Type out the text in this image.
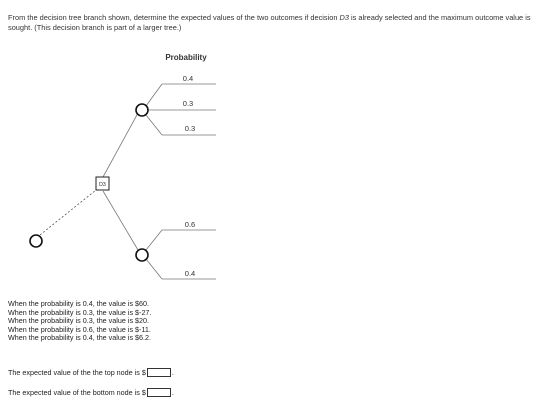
From the decision tree branch shown, determine the expected values of the two outcomes if decision D3 is already selected and the maximum outcome value is sought. (This decision branch is part of a larger tree.)
D3
Probability
0.4
0.3
0.3
0.6
0.4
When the probability is 0.4, the value is $60.
When the probability is 0.3, the value is $-27.
When the probability is 0.3, the value is $20.
When the probability is 0.6, the value is $-11.
When the probability is 0.4, the value is $6.2.
The expected value of the the top node is $	.
The expected value of the bottom node is $	.
